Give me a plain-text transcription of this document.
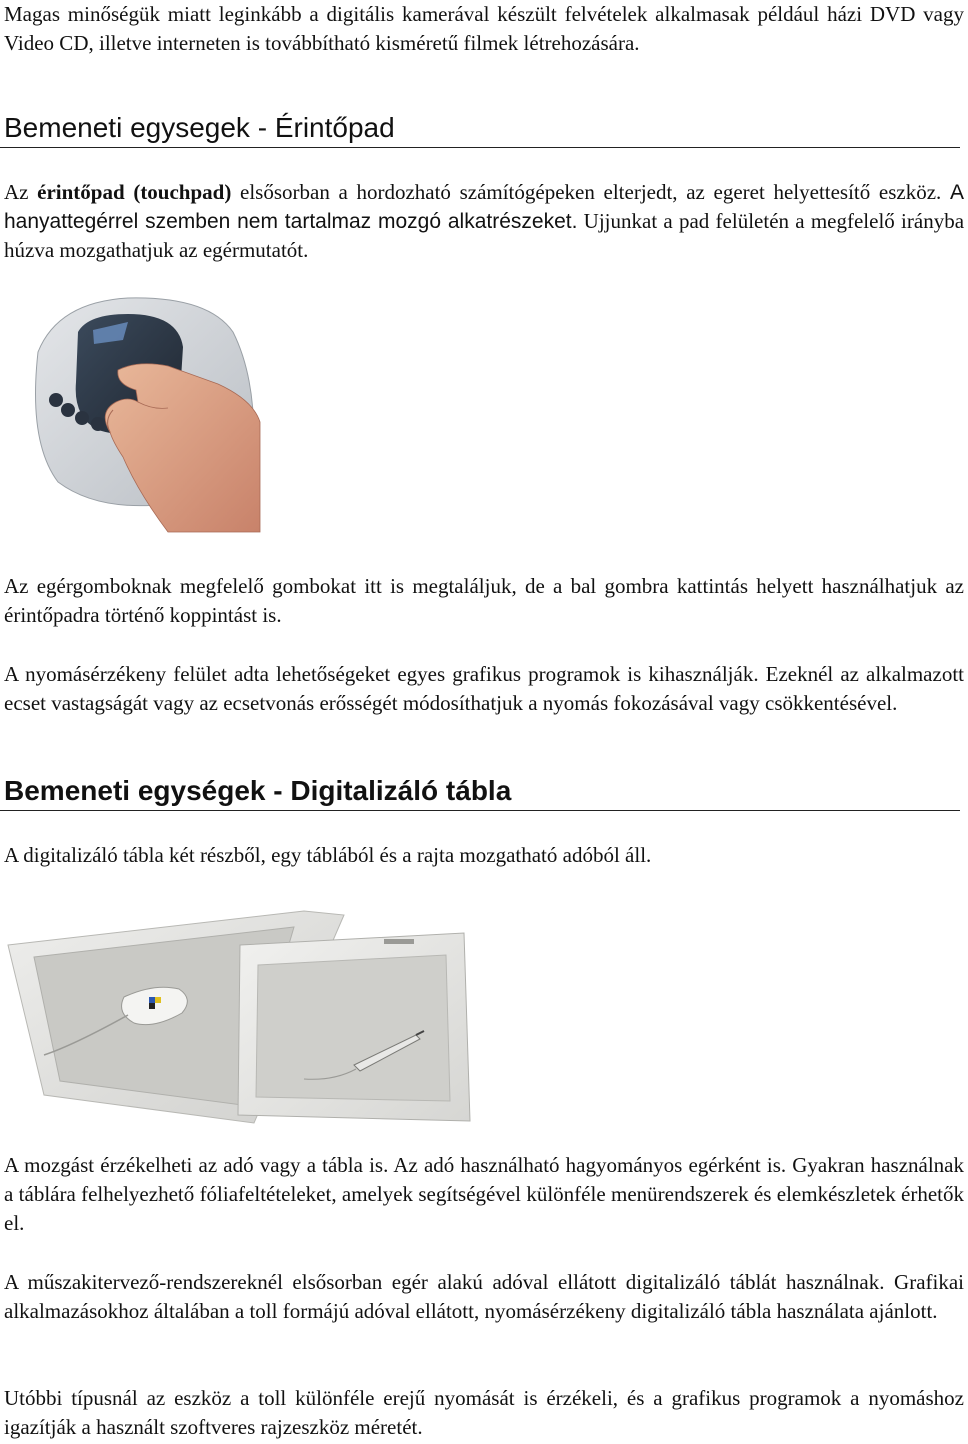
Magas minőségük miatt leginkább a digitális kamerával készült felvételek alkalmasak például házi DVD vagy Video CD, illetve interneten is továbbítható kisméretű filmek létrehozására.

Bemeneti egysegek - Érintőpad

Az érintőpad (touchpad) elsősorban a hordozható számítógépeken elterjedt, az egeret helyettesítő eszköz. A hanyattegérrel szemben nem tartalmaz mozgó alkatrészeket. Ujjunkat a pad felületén a megfelelő irányba húzva mozgathatjuk az egérmutatót.

Az egérgomboknak megfelelő gombokat itt is megtaláljuk, de a bal gombra kattintás helyett használhatjuk az érintőpadra történő koppintást is.

A nyomásérzékeny felület adta lehetőségeket egyes grafikus programok is kihasználják. Ezeknél az alkalmazott ecset vastagságát vagy az ecsetvonás erősségét módosíthatjuk a nyomás fokozásával vagy csökkentésével.

Bemeneti egységek - Digitalizáló tábla

A digitalizáló tábla két részből, egy táblából és a rajta mozgatható adóból áll.

A mozgást érzékelheti az adó vagy a tábla is. Az adó használható hagyományos egérként is. Gyakran használnak a táblára felhelyezhető fóliafeltételeket, amelyek segítségével különféle menürendszerek és elemkészletek érhetők el.

A műszakitervező-rendszereknél elsősorban egér alakú adóval ellátott digitalizáló táblát használnak. Grafikai alkalmazásokhoz általában a toll formájú adóval ellátott, nyomásérzékeny digitalizáló tábla használata ajánlott.

Utóbbi típusnál az eszköz a toll különféle erejű nyomását is érzékeli, és a grafikus programok a nyomáshoz igazítják a használt szoftveres rajzeszköz méretét.
